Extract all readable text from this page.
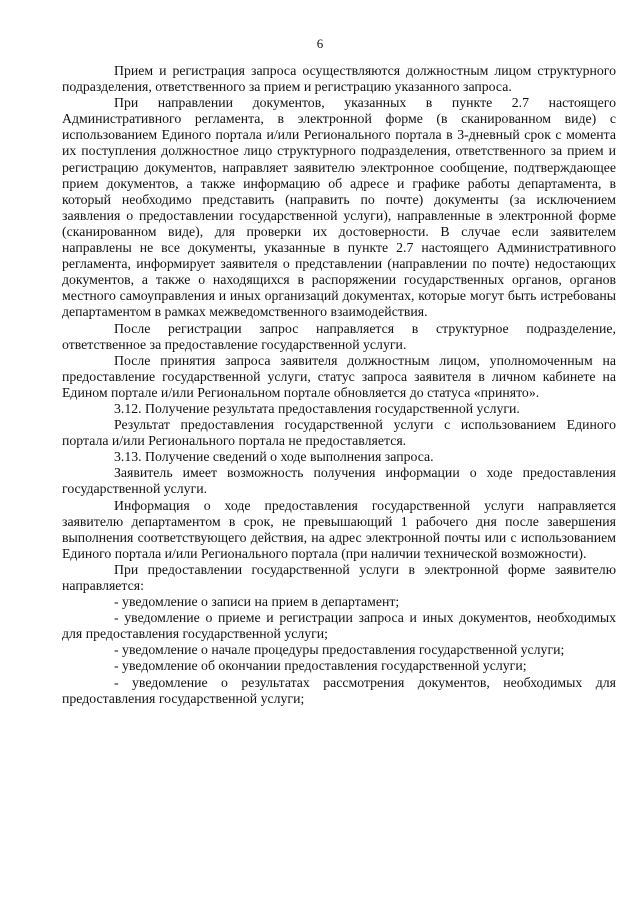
6

Прием и регистрация запроса осуществляются должностным лицом структурного подразделения, ответственного за прием и регистрацию указанного запроса.

При направлении документов, указанных в пункте 2.7 настоящего Административного регламента, в электронной форме (в сканированном виде) с использованием Единого портала и/или Регионального портала в 3-дневный срок с момента их поступления должностное лицо структурного подразделения, ответственного за прием и регистрацию документов, направляет заявителю электронное сообщение, подтверждающее прием документов, а также информацию об адресе и графике работы департамента, в который необходимо представить (направить по почте) документы (за исключением заявления о предоставлении государственной услуги), направленные в электронной форме (сканированном виде), для проверки их достоверности. В случае если заявителем направлены не все документы, указанные в пункте 2.7 настоящего Административного регламента, информирует заявителя о представлении (направлении по почте) недостающих документов, а также о находящихся в распоряжении государственных органов, органов местного самоуправления и иных организаций документах, которые могут быть истребованы департаментом в рамках межведомственного взаимодействия.

После регистрации запрос направляется в структурное подразделение, ответственное за предоставление государственной услуги.

После принятия запроса заявителя должностным лицом, уполномоченным на предоставление государственной услуги, статус запроса заявителя в личном кабинете на Едином портале и/или Региональном портале обновляется до статуса «принято».

3.12. Получение результата предоставления государственной услуги.

Результат предоставления государственной услуги с использованием Единого портала и/или Регионального портала не предоставляется.

3.13. Получение сведений о ходе выполнения запроса.

Заявитель имеет возможность получения информации о ходе предоставления государственной услуги.

Информация о ходе предоставления государственной услуги направляется заявителю департаментом в срок, не превышающий 1 рабочего дня после завершения выполнения соответствующего действия, на адрес электронной почты или с использованием Единого портала и/или Регионального портала (при наличии технической возможности).

При предоставлении государственной услуги в электронной форме заявителю направляется:

- уведомление о записи на прием в департамент;

- уведомление о приеме и регистрации запроса и иных документов, необходимых для предоставления государственной услуги;

- уведомление о начале процедуры предоставления государственной услуги;

- уведомление об окончании предоставления государственной услуги;

- уведомление о результатах рассмотрения документов, необходимых для предоставления государственной услуги;
